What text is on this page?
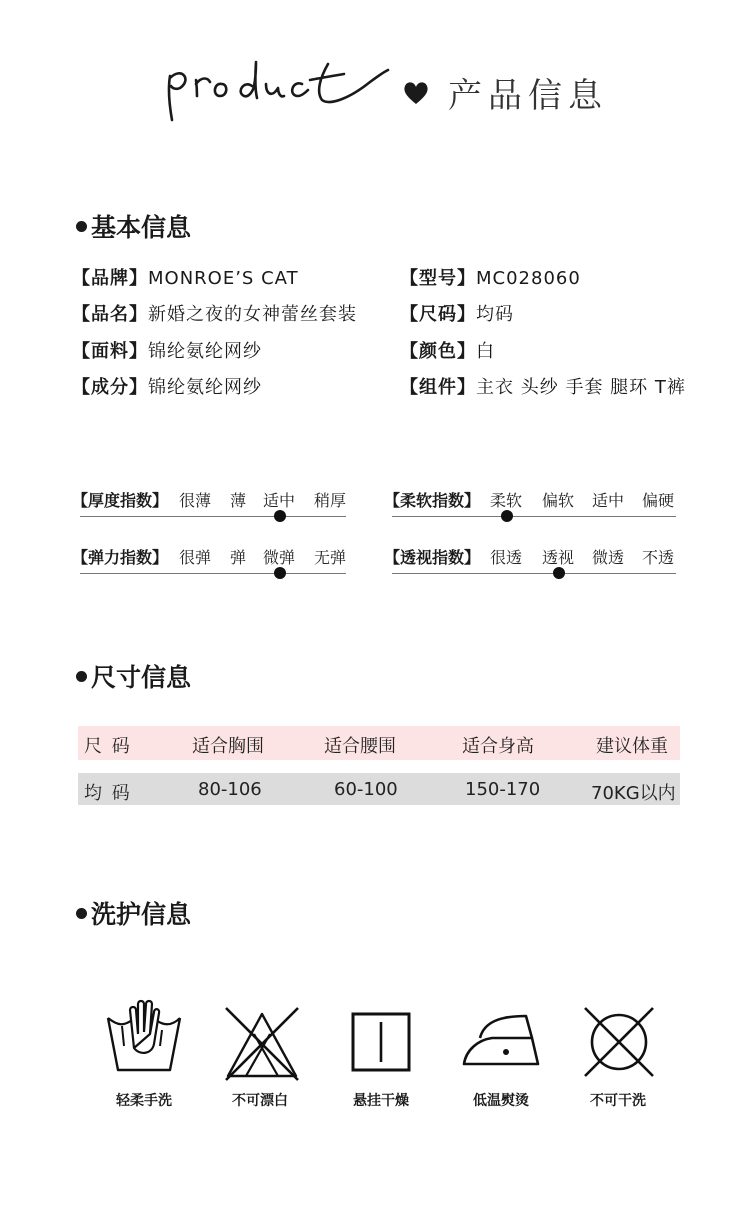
产品信息
基本信息
【品牌】MONROE’S CAT	【型号】MC028060
【品名】新婚之夜的女神蕾丝套装 【尺码】均码
【面料】锦纶氨纶网纱	【颜色】白
【成分】锦纶氨纶网纱	【组件】主衣 头纱 手套 腿环 T裤
【厚度指数】 很薄 薄 适中 稍厚 【柔软指数】 柔软 偏软 适中 偏硬
【弹力指数】 很弹 弹 微弹 无弹 【透视指数】 很透 透视 微透 不透
尺寸信息
尺 码	适合胸围	适合腰围	适合身高	建议体重
均 码	80-106	60-100	150-170	70KG以内
洗护信息
轻柔手洗	不可漂白	悬挂干燥	低温熨烫	不可干洗
